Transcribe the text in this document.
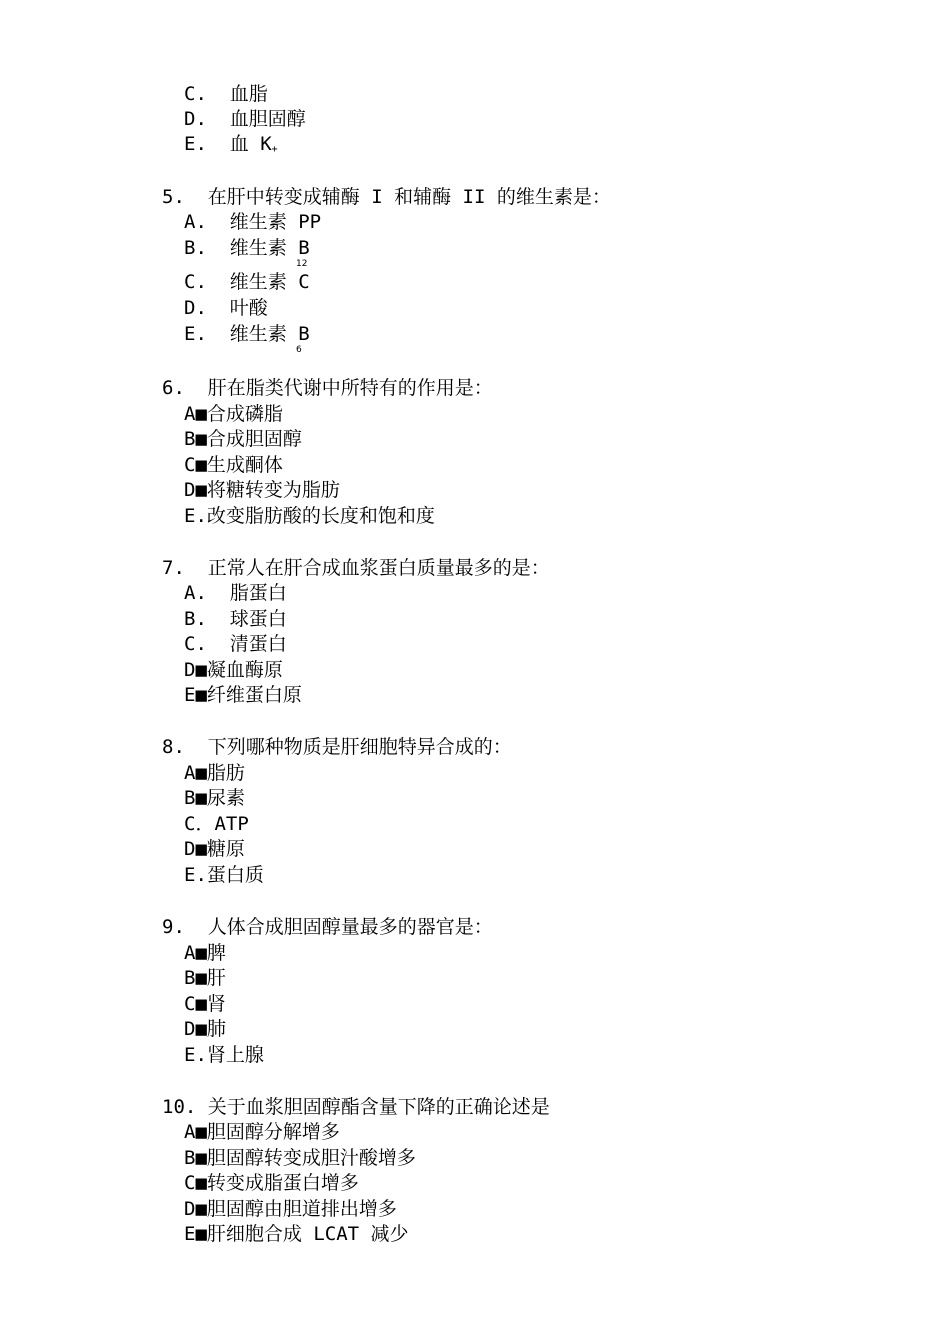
C.  血脂
D.  血胆固醇
E.  血 K+
5.  在肝中转变成辅酶 I 和辅酶 II 的维生素是：
A.  维生素 PP
B.  维生素 B
12
C.  维生素 C
D.  叶酸
E.  维生素 B
6
6.  肝在脂类代谢中所特有的作用是：
A■合成磷脂
B■合成胆固醇
C■生成酮体
D■将糖转变为脂肪
E.改变脂肪酸的长度和饱和度
7.  正常人在肝合成血浆蛋白质量最多的是：
A.  脂蛋白
B.  球蛋白
C.  清蛋白
D■凝血酶原
E■纤维蛋白原
8.  下列哪种物质是肝细胞特异合成的：
A■脂肪
B■尿素
C．ATP
D■糖原
E.蛋白质
9.  人体合成胆固醇量最多的器官是：
A■脾
B■肝
C■肾
D■肺
E.肾上腺
10. 关于血浆胆固醇酯含量下降的正确论述是
A■胆固醇分解增多
B■胆固醇转变成胆汁酸增多
C■转变成脂蛋白增多
D■胆固醇由胆道排出增多
E■肝细胞合成 LCAT 减少
